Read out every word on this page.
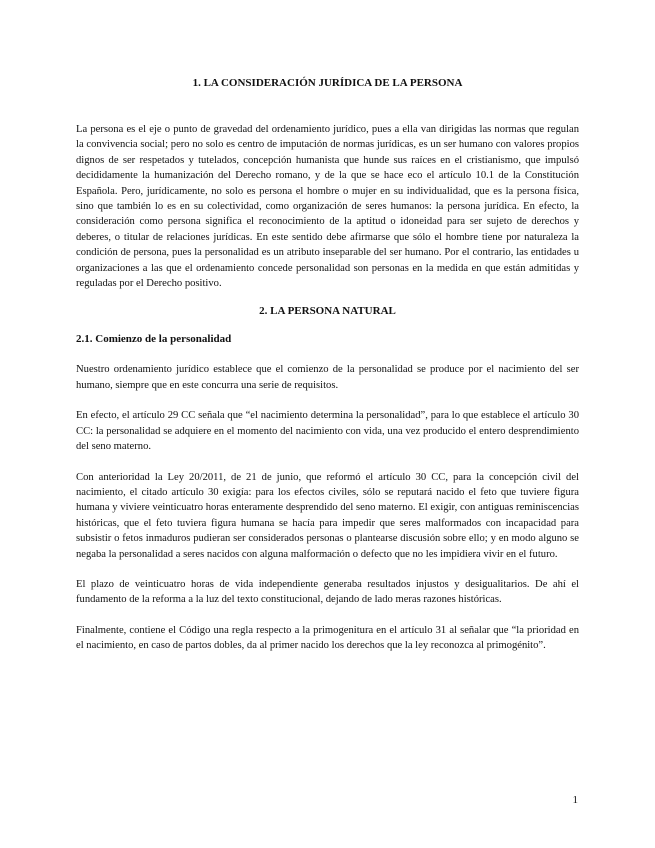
1. LA CONSIDERACIÓN JURÍDICA DE LA PERSONA

La persona es el eje o punto de gravedad del ordenamiento jurídico, pues a ella van dirigidas las normas que regulan la convivencia social; pero no solo es centro de imputación de normas jurídicas, es un ser humano con valores propios dignos de ser respetados y tutelados, concepción humanista que hunde sus raíces en el cristianismo, que impulsó decididamente la humanización del Derecho romano, y de la que se hace eco el artículo 10.1 de la Constitución Española. Pero, jurídicamente, no solo es persona el hombre o mujer en su individualidad, que es la persona física, sino que también lo es en su colectividad, como organización de seres humanos: la persona jurídica. En efecto, la consideración como persona significa el reconocimiento de la aptitud o idoneidad para ser sujeto de derechos y deberes, o titular de relaciones jurídicas. En este sentido debe afirmarse que sólo el hombre tiene por naturaleza la condición de persona, pues la personalidad es un atributo inseparable del ser humano. Por el contrario, las entidades u organizaciones a las que el ordenamiento concede personalidad son personas en la medida en que están admitidas y reguladas por el Derecho positivo.

2. LA PERSONA NATURAL
2.1. Comienzo de la personalidad

Nuestro ordenamiento jurídico establece que el comienzo de la personalidad se produce por el nacimiento del ser humano, siempre que en este concurra una serie de requisitos.

En efecto, el artículo 29 CC señala que “el nacimiento determina la personalidad”, para lo que establece el artículo 30 CC: la personalidad se adquiere en el momento del nacimiento con vida, una vez producido el entero desprendimiento del seno materno.

Con anterioridad la Ley 20/2011, de 21 de junio, que reformó el artículo 30 CC, para la concepción civil del nacimiento, el citado artículo 30 exigía: para los efectos civiles, sólo se reputará nacido el feto que tuviere figura humana y viviere veinticuatro horas enteramente desprendido del seno materno. El exigir, con antiguas reminiscencias históricas, que el feto tuviera figura humana se hacía para impedir que seres malformados con incapacidad para subsistir o fetos inmaduros pudieran ser considerados personas o plantearse discusión sobre ello; y en modo alguno se negaba la personalidad a seres nacidos con alguna malformación o defecto que no les impidiera vivir en el futuro.

El plazo de veinticuatro horas de vida independiente generaba resultados injustos y desigualitarios. De ahí el fundamento de la reforma a la luz del texto constitucional, dejando de lado meras razones históricas.

Finalmente, contiene el Código una regla respecto a la primogenitura en el artículo 31 al señalar que “la prioridad en el nacimiento, en caso de partos dobles, da al primer nacido los derechos que la ley reconozca al primogénito”.

1
